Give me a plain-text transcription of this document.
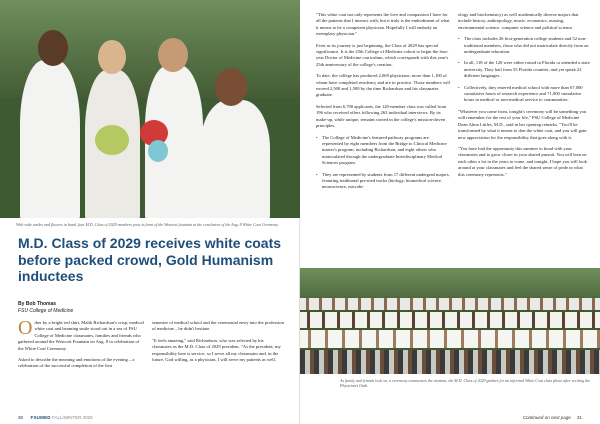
With wide smiles and flowers in hand, four M.D. Class of 2029 members pose in front of the Westcott fountain at the conclusion of the Aug. 8 White Coat Ceremony.
M.D. Class of 2029 receives white coats before packed crowd, Gold Humanism inductees
By Bob Thomas
FSU College of Medicine

Other by a bright red shirt, Malik Richardson's crisp, medical white coat and beaming smile stood out in a sea of FSU College of Medicine classmates, families and friends who gathered around the Westcott Fountain on Aug. 8 in celebration of the White Coat Ceremony.

Asked to describe the meaning and emotions of the evening – a celebration of the successful completion of the first

semester of medical school and the ceremonial entry into the profession of medicine – he didn't hesitate.

"It feels amazing," said Richardson, who was selected by his classmates as the M.D. Class of 2029 president. "As the president, my responsibility here is service, so I serve all my classmates and, in the future, God willing, as a physician, I will serve my patients as well.

30 FSUMED FALL/WINTER 2025

"This white coat not only represents the love and compassion I have for all the patients that I interact with, but it truly is the embodiment of what it means to be a competent physician. Hopefully I will embody an exemplary physician."

Even as its journey is just beginning, the Class of 2029 has special significance. It is the 25th College of Medicine cohort to begin the four-year Doctor of Medicine curriculum, which corresponds with this year's 25th anniversary of the college's creation.

To date, the college has produced 2,069 physicians; more than 1,100 of whom have completed residency and are in practice. Those numbers will exceed 2,500 and 1,500 by the time Richardson and his classmates graduate.

Selected from 6,700 applicants, the 120-member class was culled from 196 who received offers following 263 individual interviews. By its make-up, while unique, remains rooted in the college's mission-driven principles.

• The College of Medicine's featured pathway programs are represented by eight members from the Bridge to Clinical Medicine master's program, including Richardson, and eight others who matriculated through the undergraduate Interdisciplinary Medical Sciences program.
• They are represented by students from 17 different undergrad majors, featuring traditional pre-med tracks (biology, biomedical science, neuroscience, microbi-

ology and biochemistry) as well academically diverse majors that include history, anthropology, music, economics, nursing, environmental science, computer science and political science.

• The class includes 26 first-generation college students and 52 non-traditional members, those who did not matriculate directly from an undergraduate education.
• In all, 118 of the 120 were either raised in Florida or attended a state university. They hail from 55 Florida counties, and yet speak 22 different languages.
• Collectively, they entered medical school with more than 67,000 cumulative hours of research experience and 71,000 cumulative hours in medical or non-medical service to communities.

"Whatever you come from, tonight's ceremony will be something you will remember for the rest of your life," FSU College of Medicine Dean Alma Littles, M.D., said in her opening remarks. "You'll be transformed by what it means to don the white coat, and you will gain new appreciation for the responsibility that goes along with it.

"You have had the opportunity this summer to bond with your classmates and to grow closer in your shared pursuit. You will lean on each other a lot in the years to come, and tonight, I hope you will look around at your classmates and feel the shared sense of pride in what this ceremony represents."

As family and friends look on, a ceremony commences the moment, the M.D. Class of 2029 gathers for an informal White Coat class photo after reciting the Physician's Oath.
Continued on next page 31
